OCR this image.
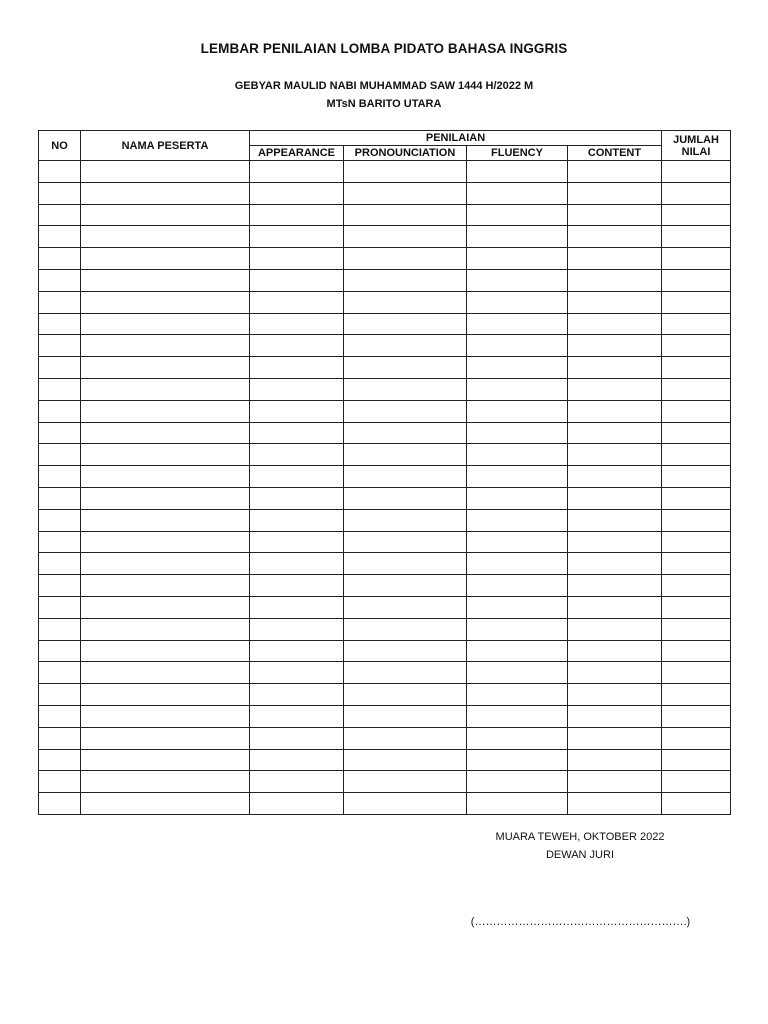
LEMBAR PENILAIAN LOMBA PIDATO BAHASA INGGRIS
GEBYAR MAULID NABI MUHAMMAD SAW 1444 H/2022 M
MTsN BARITO UTARA
NO	NAMA PESERTA	PENILAIAN				JUMLAH
NILAI
		APPEARANCE	PRONOUNCIATION	FLUENCY	CONTENT	

MUARA TEWEH, OKTOBER 2022
DEWAN JURI
(………………………………………………….)
